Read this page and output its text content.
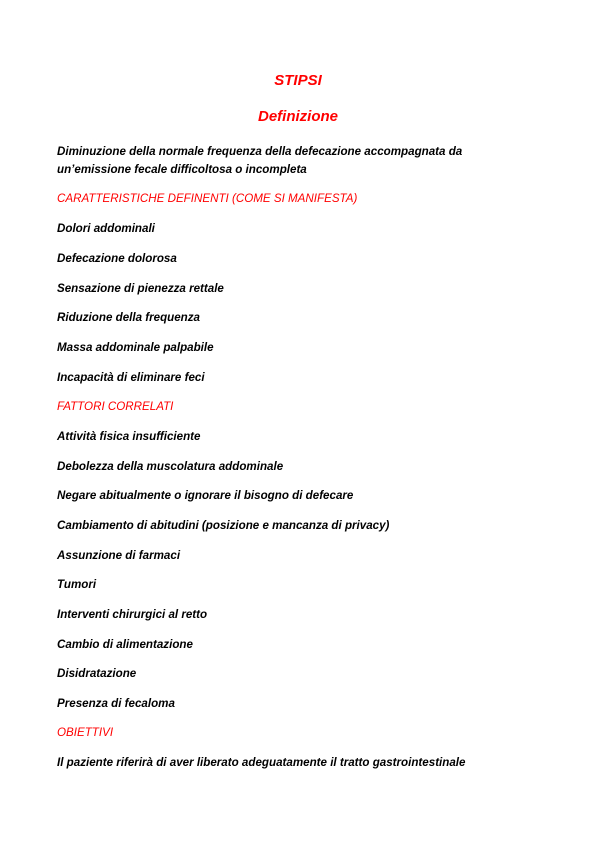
STIPSI
Definizione

Diminuzione della normale frequenza della defecazione accompagnata da un’emissione fecale difficoltosa o incompleta

CARATTERISTICHE DEFINENTI (COME SI MANIFESTA)

Dolori addominali

Defecazione dolorosa

Sensazione di pienezza rettale

Riduzione della frequenza

Massa addominale palpabile

Incapacità di eliminare feci

FATTORI CORRELATI

Attività fisica insufficiente

Debolezza della muscolatura addominale

Negare abitualmente o ignorare il bisogno di defecare

Cambiamento di abitudini (posizione e mancanza di privacy)

Assunzione di farmaci

Tumori

Interventi chirurgici al retto

Cambio di alimentazione

Disidratazione

Presenza di fecaloma

OBIETTIVI

Il paziente riferirà di aver liberato adeguatamente il tratto gastrointestinale
